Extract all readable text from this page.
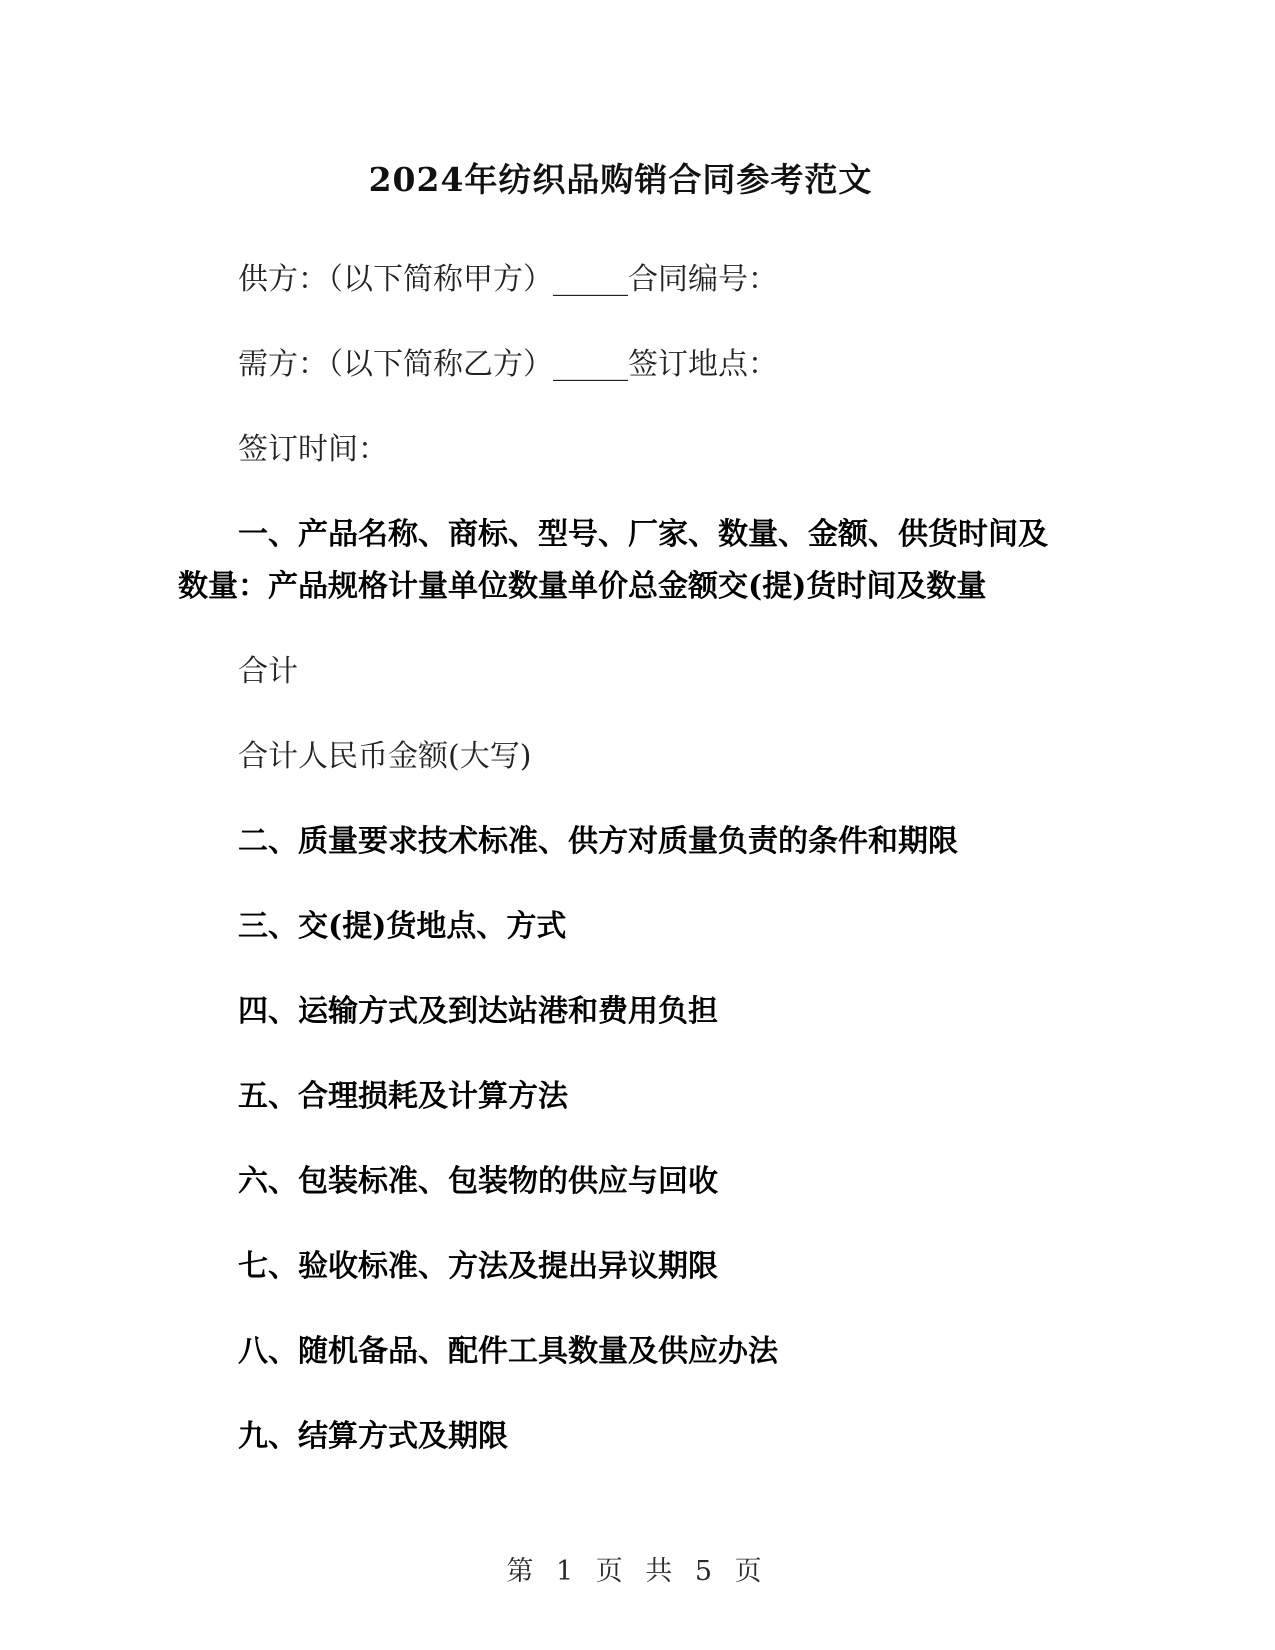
2024年纺织品购销合同参考范文

供方：（以下简称甲方）_____合同编号：

需方：（以下简称乙方）_____签订地点：

签订时间：

一、产品名称、商标、型号、厂家、数量、金额、供货时间及数量：产品规格计量单位数量单价总金额交(提)货时间及数量

合计

合计人民币金额(大写)

二、质量要求技术标准、供方对质量负责的条件和期限

三、交(提)货地点、方式

四、运输方式及到达站港和费用负担

五、合理损耗及计算方法

六、包装标准、包装物的供应与回收

七、验收标准、方法及提出异议期限

八、随机备品、配件工具数量及供应办法

九、结算方式及期限

第 1 页 共 5 页
